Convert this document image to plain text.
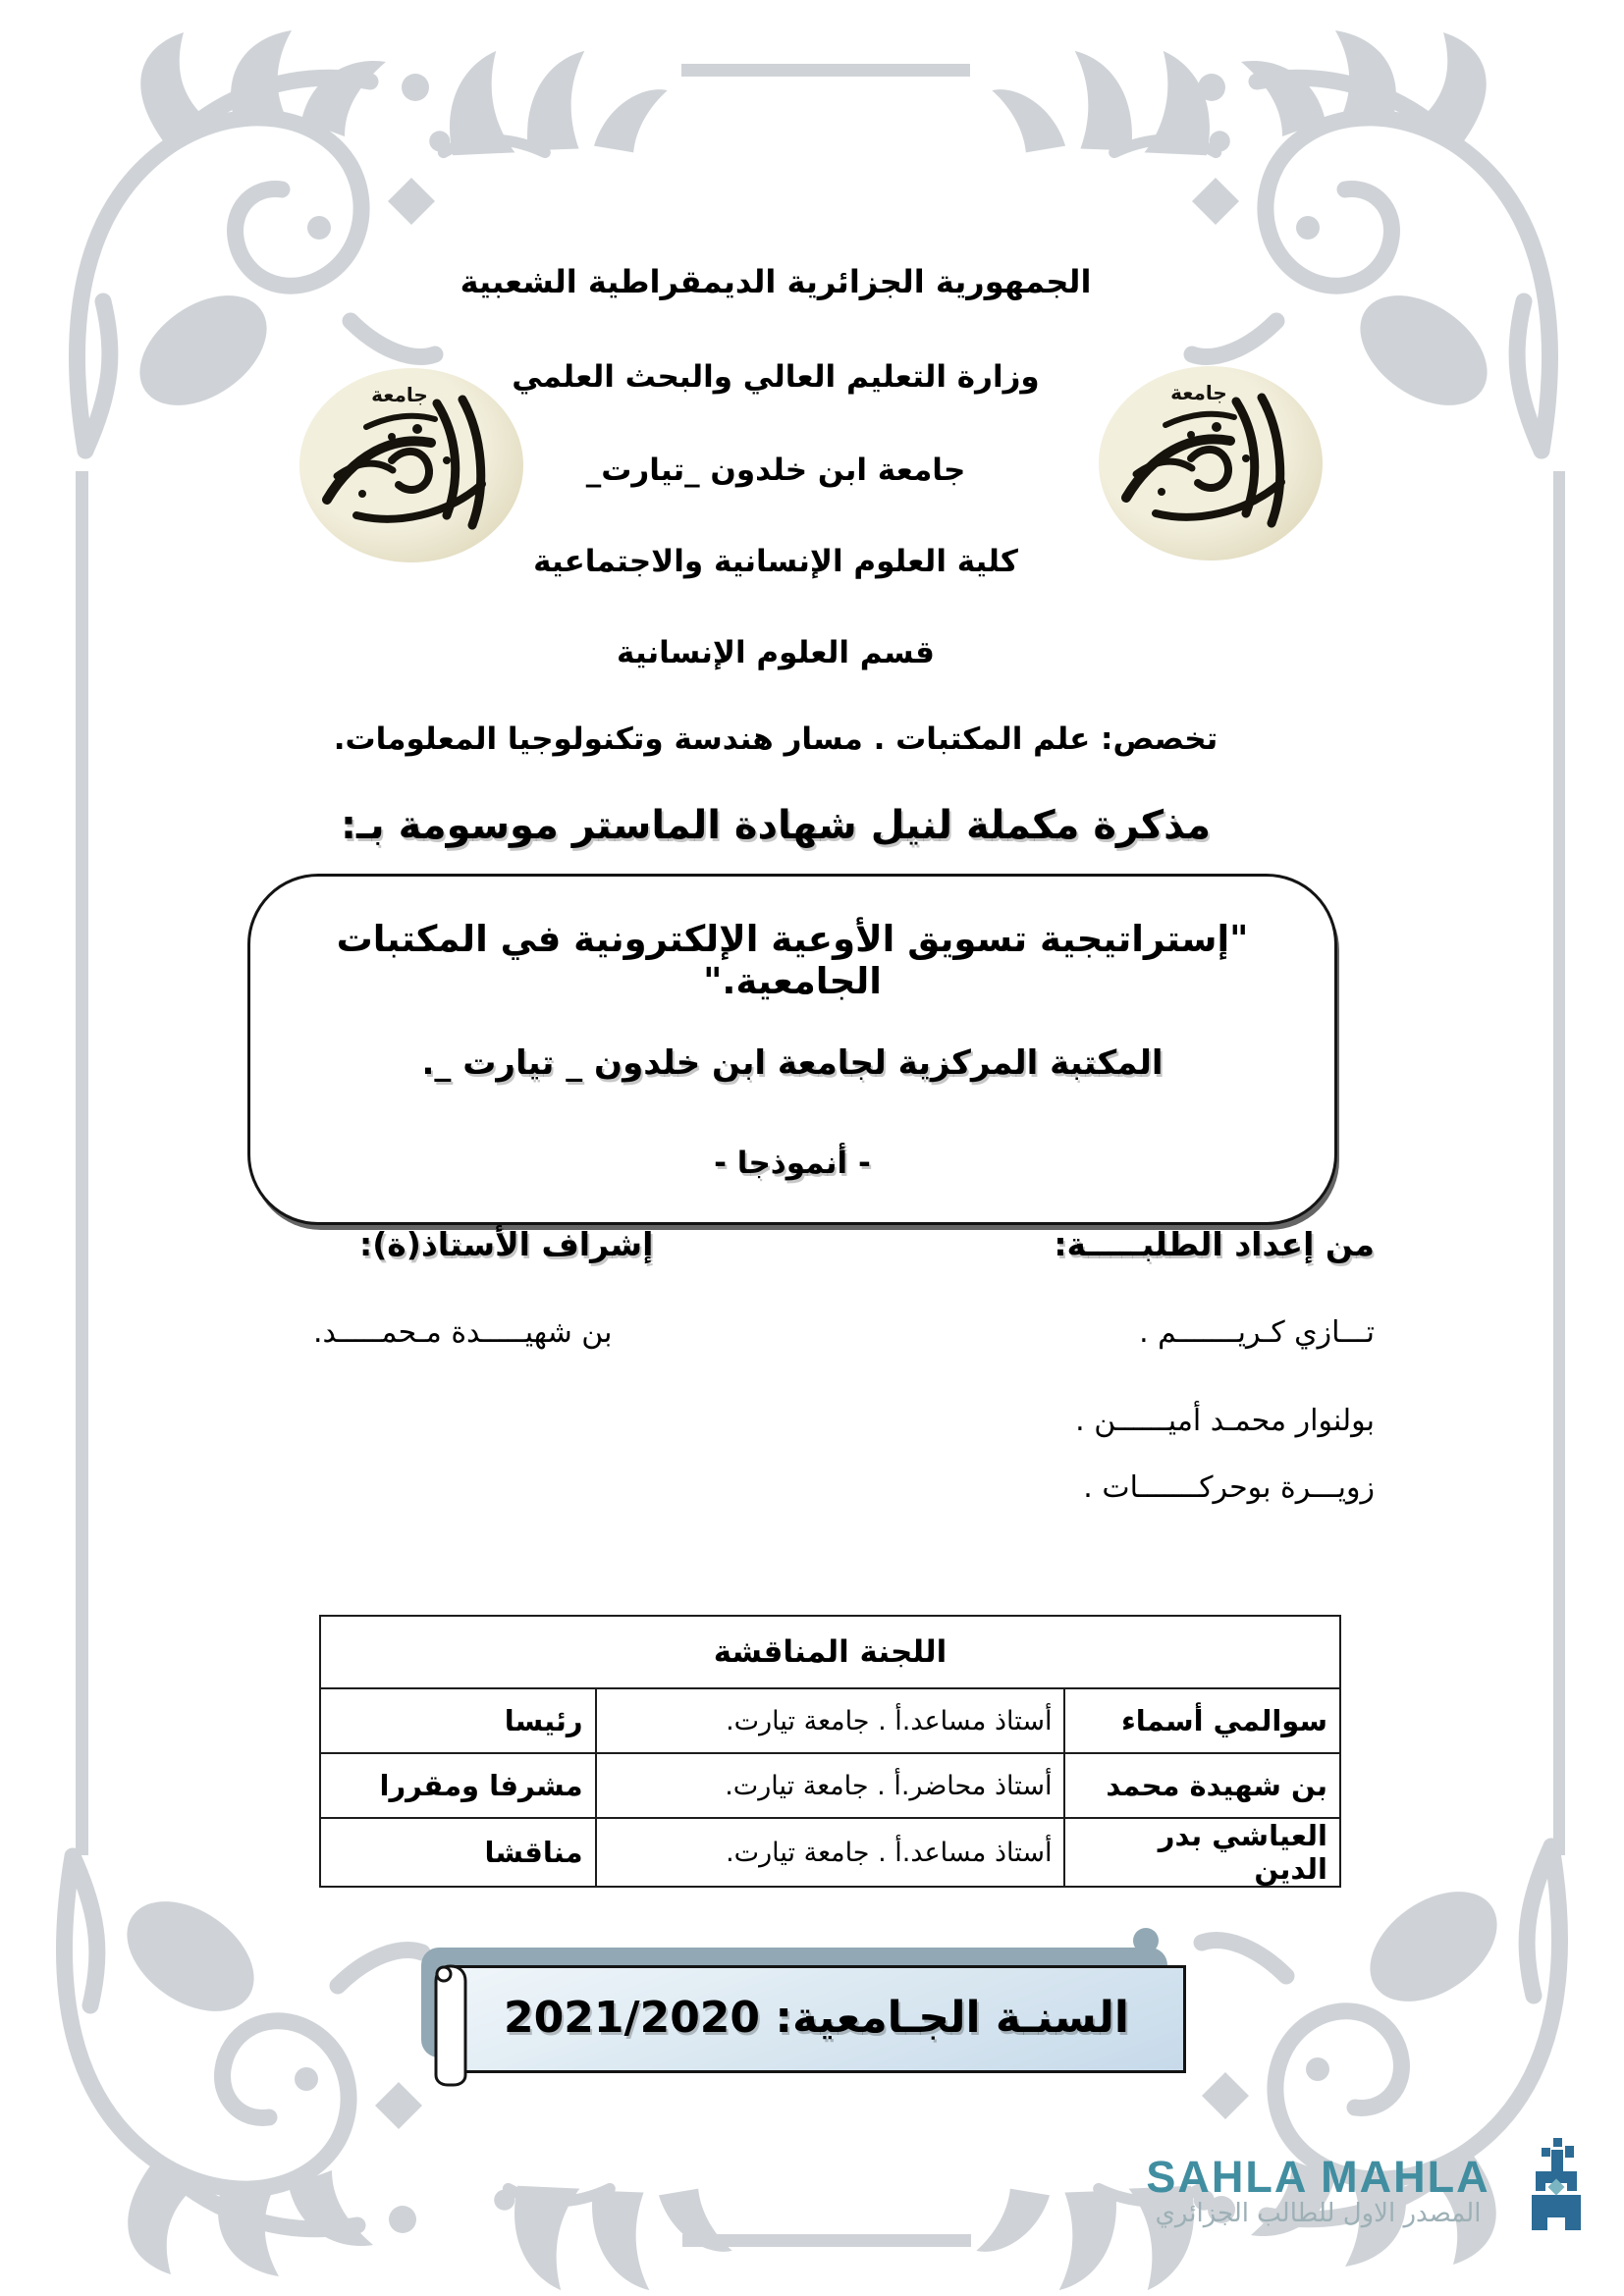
جامعة	جامعة
الجمهورية الجزائرية الديمقراطية الشعبية
وزارة التعليم العالي والبحث العلمي
جامعة ابن خلدون _تيارت_
كلية العلوم الإنسانية والاجتماعية
قسم العلوم الإنسانية
تخصص: علم المكتبات . مسار هندسة وتكنولوجيا المعلومات.
مذكرة مكملة لنيل شهادة الماستر موسومة بـ:
"إستراتيجية تسويق الأوعية الإلكترونية في المكتبات الجامعية."
المكتبة المركزية لجامعة ابن خلدون _ تيارت _.
- أنموذجا -
من إعداد الطلبـــــة:
إشراف الأستاذ(ة):
تـــازي كـريـــــــم .
بولنوار محمـد أميــــــن .
زويـــرة بوحركـــــــات .
بن شهيـــــدة مـحمـــــد.
اللجنة المناقشة		
سوالمي أسماء	أستاذ مساعد.أ . جامعة تيارت.	رئيسا
بن شهيدة محمد	أستاذ محاضر.أ . جامعة تيارت.	مشرفا ومقررا
العياشي بدر الدين	أستاذ مساعد.أ . جامعة تيارت.	مناقشا
السنـة الجـامعية: 2021/2020
SAHLA MAHLA
المصدر الاول للطالب الجزائري
